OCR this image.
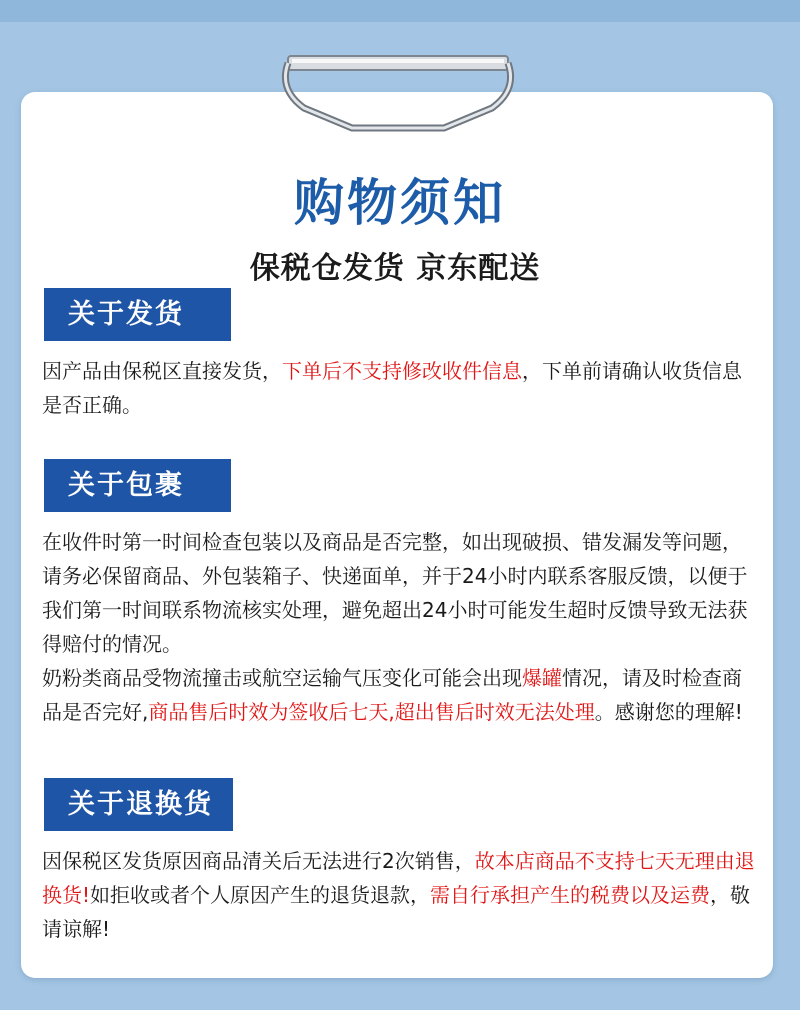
购物须知
保税仓发货 京东配送
关于发货

因产品由保税区直接发货，下单后不支持修改收件信息，下单前请确认收货信息是否正确。

关于包裹

在收件时第一时间检查包装以及商品是否完整，如出现破损、错发漏发等问题，请务必保留商品、外包装箱子、快递面单，并于24小时内联系客服反馈，以便于我们第一时间联系物流核实处理，避免超出24小时可能发生超时反馈导致无法获得赔付的情况。

奶粉类商品受物流撞击或航空运输气压变化可能会出现爆罐情况，请及时检查商品是否完好,商品售后时效为签收后七天,超出售后时效无法处理。感谢您的理解!

关于退换货

因保税区发货原因商品清关后无法进行2次销售，故本店商品不支持七天无理由退换货!如拒收或者个人原因产生的退货退款，需自行承担产生的税费以及运费，敬请谅解!
